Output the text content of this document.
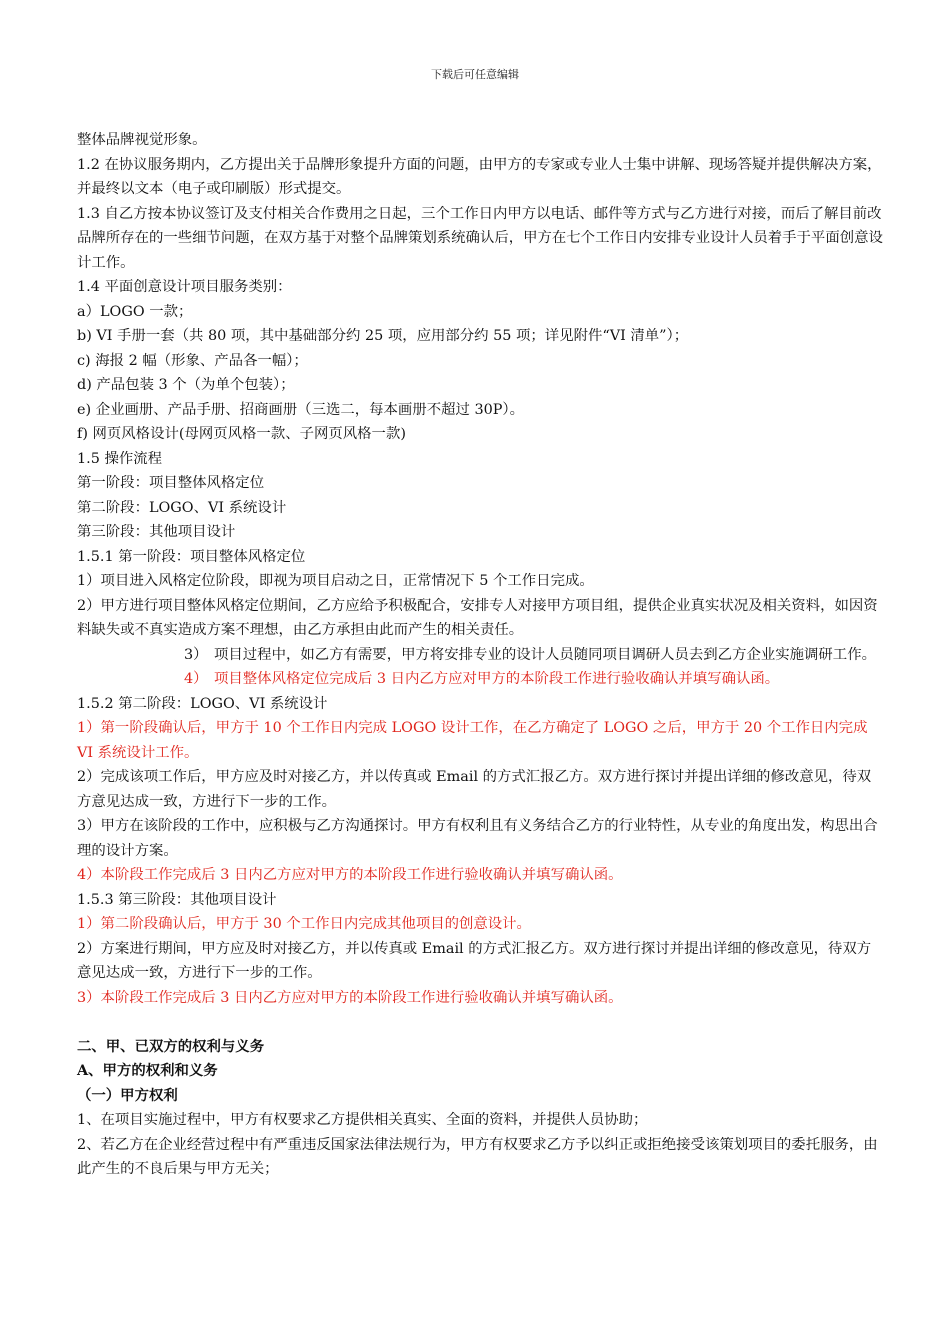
下载后可任意编辑

整体品牌视觉形象。

1.2 在协议服务期内，乙方提出关于品牌形象提升方面的问题，由甲方的专家或专业人士集中讲解、现场答疑并提供解决方案，并最终以文本（电子或印刷版）形式提交。

1.3 自乙方按本协议签订及支付相关合作费用之日起，三个工作日内甲方以电话、邮件等方式与乙方进行对接，而后了解目前改品牌所存在的一些细节问题，在双方基于对整个品牌策划系统确认后，甲方在七个工作日内安排专业设计人员着手于平面创意设计工作。

1.4 平面创意设计项目服务类别：

a）LOGO 一款；

b) VI 手册一套（共 80 项，其中基础部分约 25 项，应用部分约 55 项；详见附件“VI 清单”）；

c) 海报 2 幅（形象、产品各一幅）；

d) 产品包装 3 个（为单个包装）；

e) 企业画册、产品手册、招商画册（三选二，每本画册不超过 30P）。

f) 网页风格设计(母网页风格一款、子网页风格一款)

1.5 操作流程

第一阶段：项目整体风格定位

第二阶段：LOGO、VI 系统设计

第三阶段：其他项目设计

1.5.1 第一阶段：项目整体风格定位

1）项目进入风格定位阶段，即视为项目启动之日，正常情况下 5 个工作日完成。

2）甲方进行项目整体风格定位期间，乙方应给予积极配合，安排专人对接甲方项目组，提供企业真实状况及相关资料，如因资料缺失或不真实造成方案不理想，由乙方承担由此而产生的相关责任。

3） 项目过程中，如乙方有需要，甲方将安排专业的设计人员随同项目调研人员去到乙方企业实施调研工作。
4） 项目整体风格定位完成后 3 日内乙方应对甲方的本阶段工作进行验收确认并填写确认函。

1.5.2 第二阶段：LOGO、VI 系统设计

1）第一阶段确认后，甲方于 10 个工作日内完成 LOGO 设计工作，在乙方确定了 LOGO 之后，甲方于 20 个工作日内完成 VI 系统设计工作。

2）完成该项工作后，甲方应及时对接乙方，并以传真或 Email 的方式汇报乙方。双方进行探讨并提出详细的修改意见，待双方意见达成一致，方进行下一步的工作。

3）甲方在该阶段的工作中，应积极与乙方沟通探讨。甲方有权利且有义务结合乙方的行业特性，从专业的角度出发，构思出合理的设计方案。

4）本阶段工作完成后 3 日内乙方应对甲方的本阶段工作进行验收确认并填写确认函。

1.5.3 第三阶段：其他项目设计

1）第二阶段确认后，甲方于 30 个工作日内完成其他项目的创意设计。

2）方案进行期间，甲方应及时对接乙方，并以传真或 Email 的方式汇报乙方。双方进行探讨并提出详细的修改意见，待双方意见达成一致，方进行下一步的工作。

3）本阶段工作完成后 3 日内乙方应对甲方的本阶段工作进行验收确认并填写确认函。

二、甲、已双方的权利与义务

A、甲方的权利和义务

（一）甲方权利

1、在项目实施过程中，甲方有权要求乙方提供相关真实、全面的资料，并提供人员协助；

2、若乙方在企业经营过程中有严重违反国家法律法规行为，甲方有权要求乙方予以纠正或拒绝接受该策划项目的委托服务，由此产生的不良后果与甲方无关；
